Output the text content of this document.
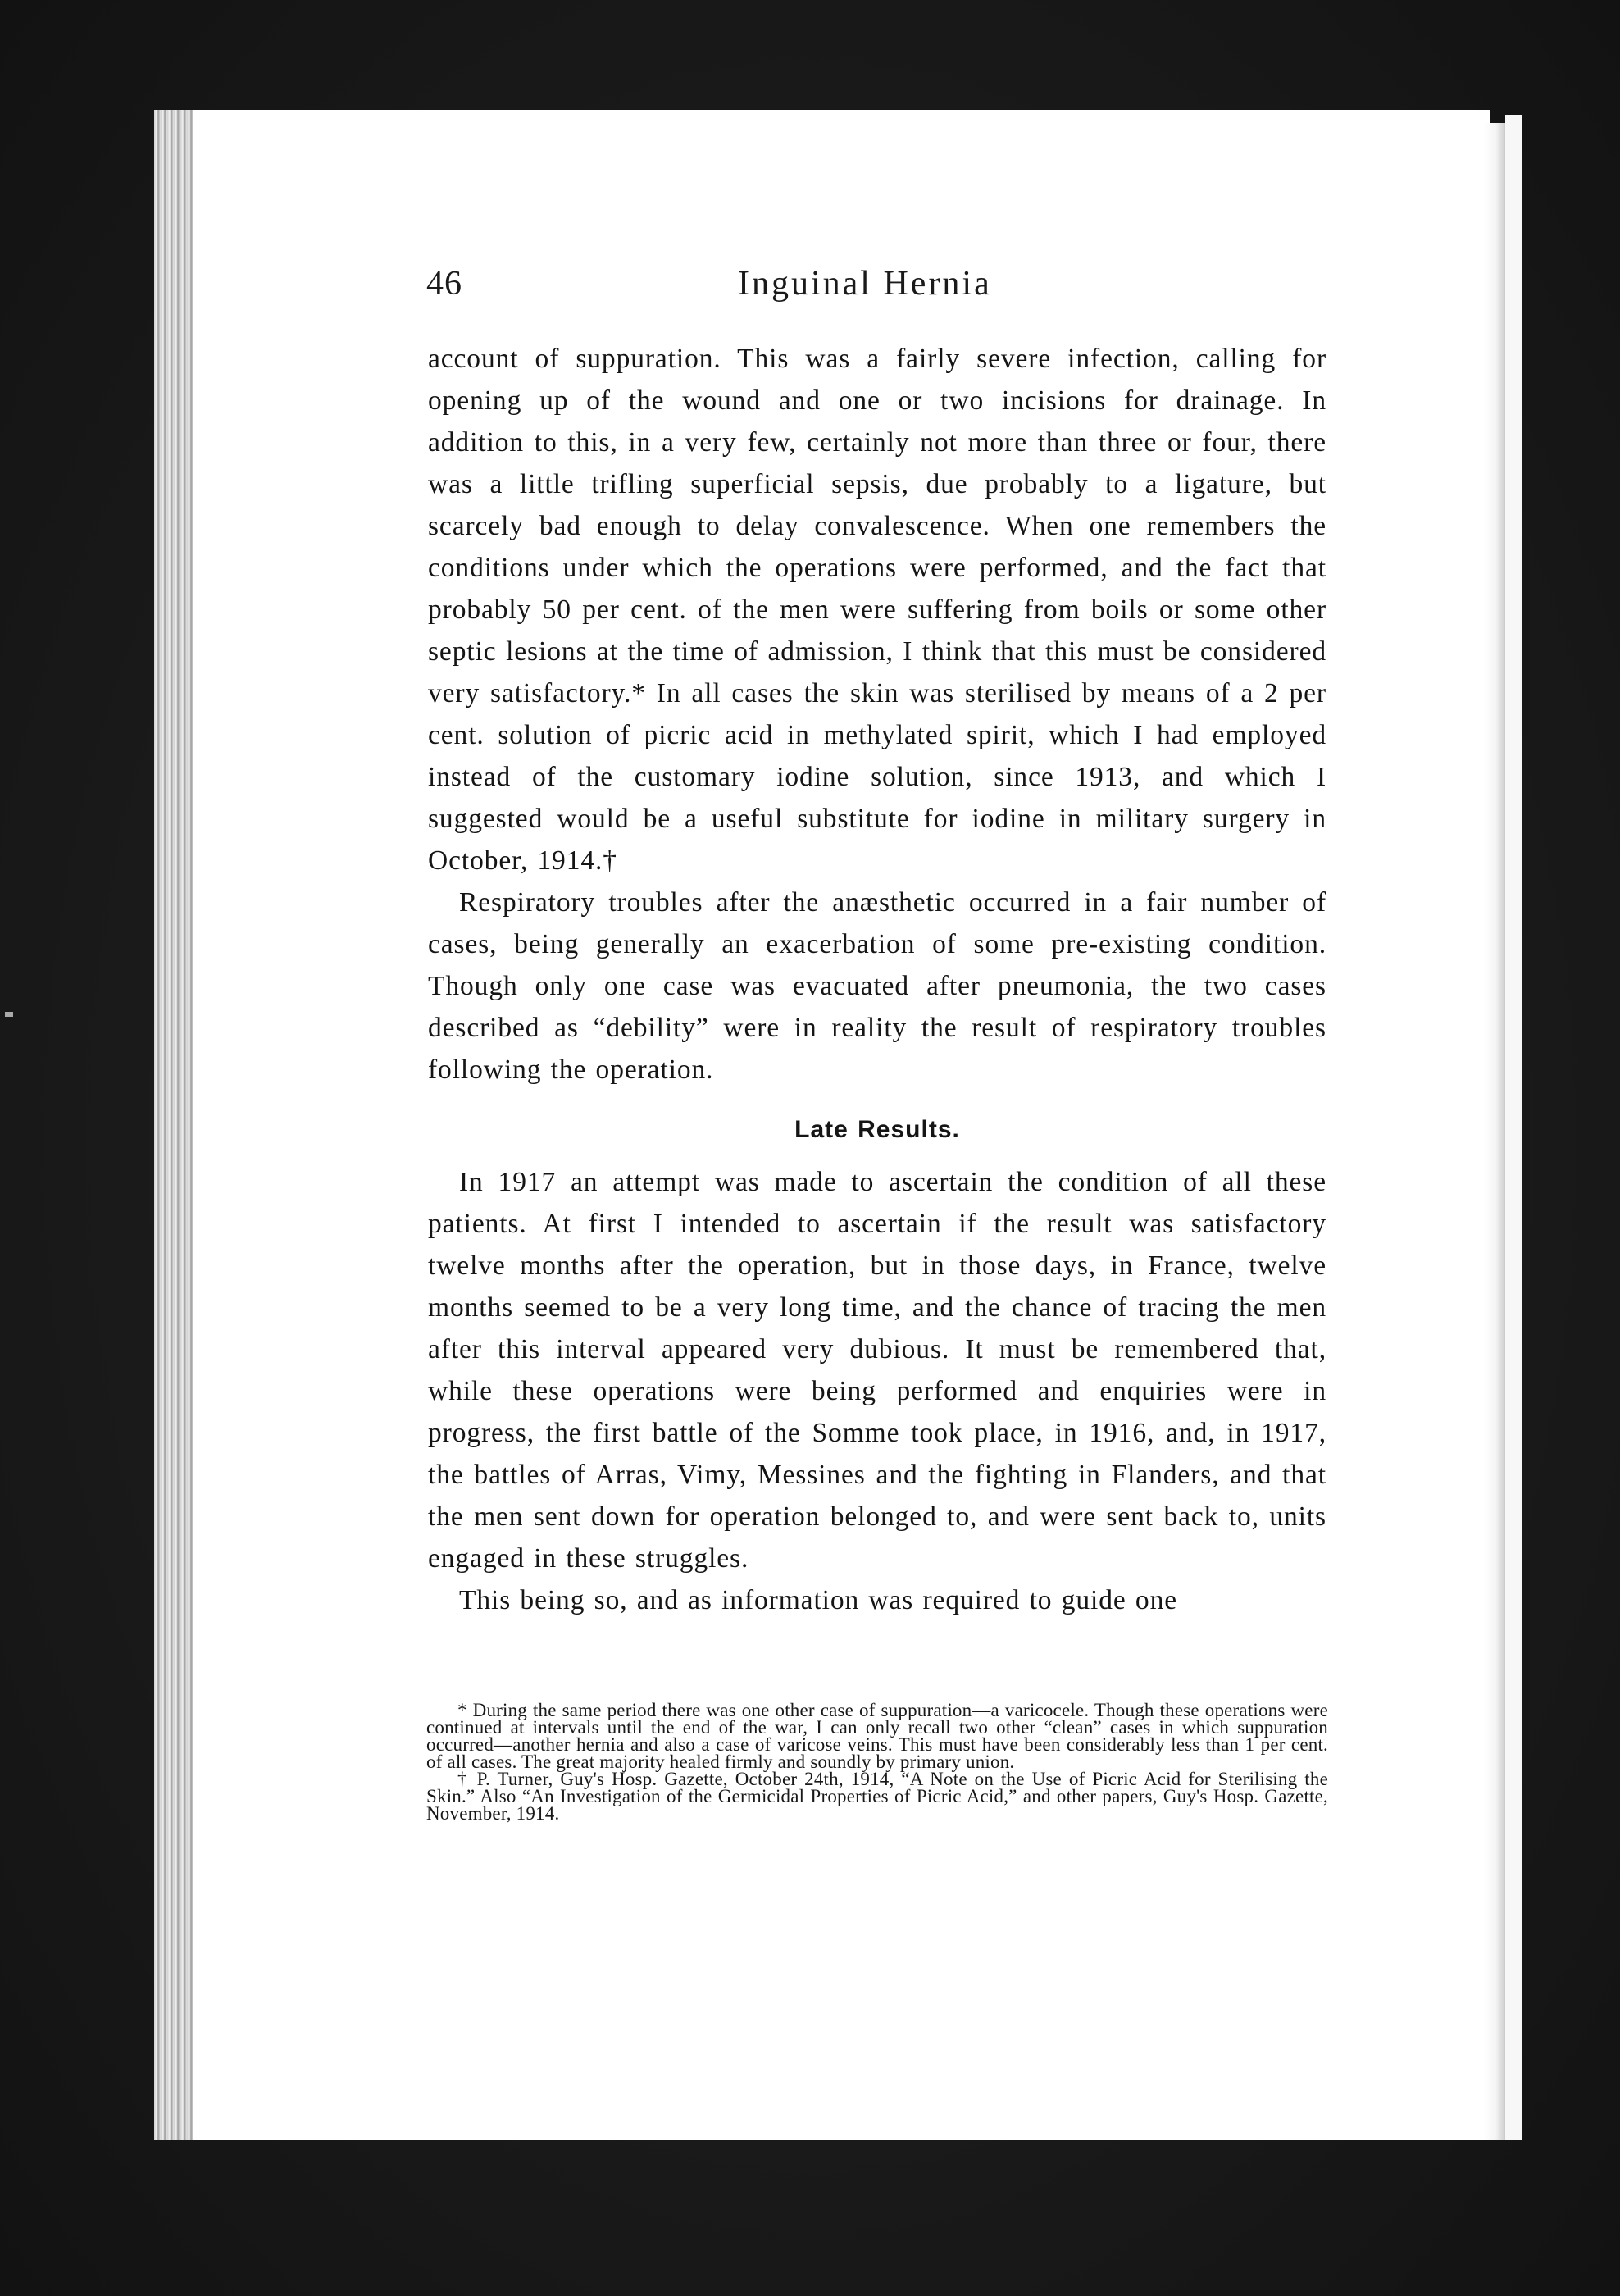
46	Inguinal Hernia

account of suppuration. This was a fairly severe infection, calling for opening up of the wound and one or two incisions for drainage. In addition to this, in a very few, certainly not more than three or four, there was a little trifling superficial sepsis, due probably to a ligature, but scarcely bad enough to delay convalescence. When one remembers the conditions under which the operations were performed, and the fact that probably 50 per cent. of the men were suffering from boils or some other septic lesions at the time of admission, I think that this must be considered very satisfactory.* In all cases the skin was sterilised by means of a 2 per cent. solution of picric acid in methylated spirit, which I had employed instead of the customary iodine solution, since 1913, and which I suggested would be a useful substitute for iodine in military surgery in October, 1914.†

Respiratory troubles after the anæsthetic occurred in a fair number of cases, being generally an exacerbation of some pre-existing condition. Though only one case was evacuated after pneumonia, the two cases described as “debility” were in reality the result of respiratory troubles following the operation.

Late Results.

In 1917 an attempt was made to ascertain the condition of all these patients. At first I intended to ascertain if the result was satisfactory twelve months after the operation, but in those days, in France, twelve months seemed to be a very long time, and the chance of tracing the men after this interval appeared very dubious. It must be remembered that, while these operations were being performed and enquiries were in progress, the first battle of the Somme took place, in 1916, and, in 1917, the battles of Arras, Vimy, Messines and the fighting in Flanders, and that the men sent down for operation belonged to, and were sent back to, units engaged in these struggles.

This being so, and as information was required to guide one

* During the same period there was one other case of suppuration—a varicocele. Though these operations were continued at intervals until the end of the war, I can only recall two other “clean” cases in which suppuration occurred—another hernia and also a case of varicose veins. This must have been considerably less than 1 per cent. of all cases. The great majority healed firmly and soundly by primary union.

† P. Turner, Guy's Hosp. Gazette, October 24th, 1914, “A Note on the Use of Picric Acid for Sterilising the Skin.” Also “An Investigation of the Germicidal Properties of Picric Acid,” and other papers, Guy's Hosp. Gazette, November, 1914.
